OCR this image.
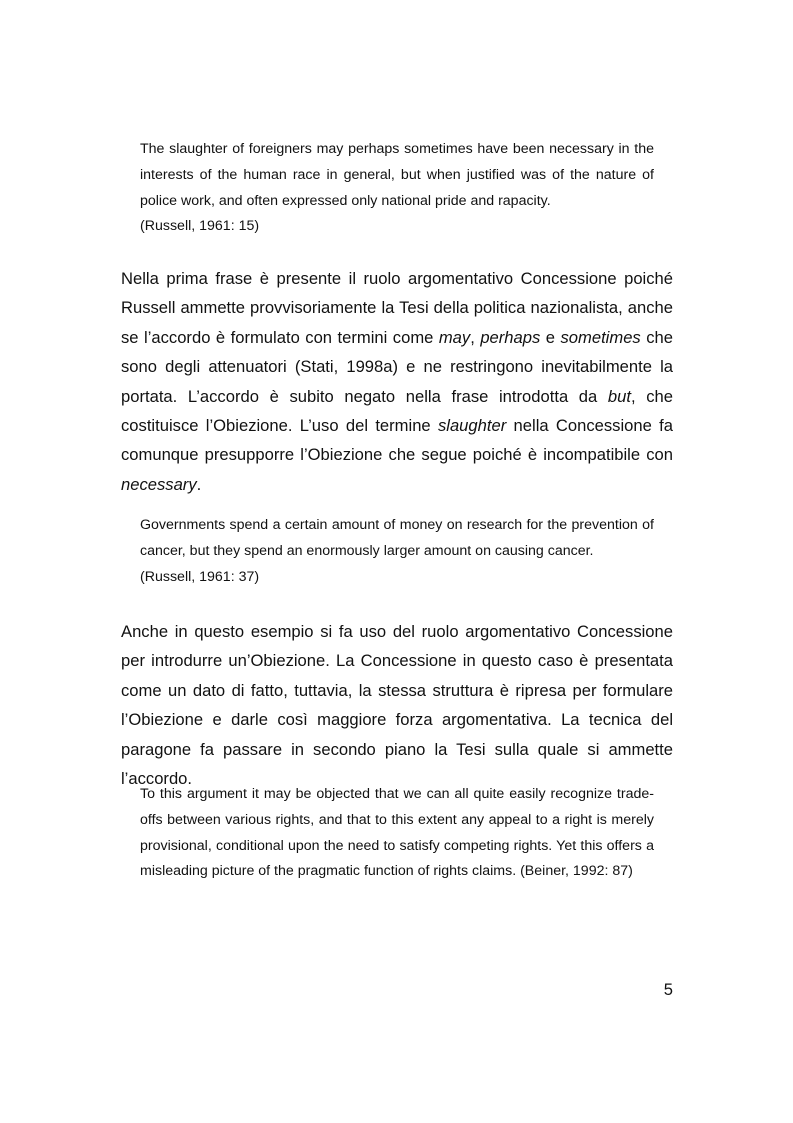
The slaughter of foreigners may perhaps sometimes have been necessary in the interests of the human race in general, but when justified was of the nature of police work, and often expressed only national pride and rapacity.
(Russell, 1961: 15)

Nella prima frase è presente il ruolo argomentativo Concessione poiché Russell ammette provvisoriamente la Tesi della politica nazionalista, anche se l’accordo è formulato con termini come may, perhaps e sometimes che sono degli attenuatori (Stati, 1998a) e ne restringono inevitabilmente la portata. L’accordo è subito negato nella frase introdotta da but, che costituisce l’Obiezione. L’uso del termine slaughter nella Concessione fa comunque presupporre l’Obiezione che segue poiché è incompatibile con necessary.

Governments spend a certain amount of money on research for the prevention of cancer, but they spend an enormously larger amount on causing cancer.
(Russell, 1961: 37)

Anche in questo esempio si fa uso del ruolo argomentativo Concessione per introdurre un’Obiezione. La Concessione in questo caso è presentata come un dato di fatto, tuttavia, la stessa struttura è ripresa per formulare l’Obiezione e darle così maggiore forza argomentativa. La tecnica del paragone fa passare in secondo piano la Tesi sulla quale si ammette l’accordo.

To this argument it may be objected that we can all quite easily recognize trade-offs between various rights, and that to this extent any appeal to a right is merely provisional, conditional upon the need to satisfy competing rights. Yet this offers a misleading picture of the pragmatic function of rights claims. (Beiner, 1992: 87)

5
